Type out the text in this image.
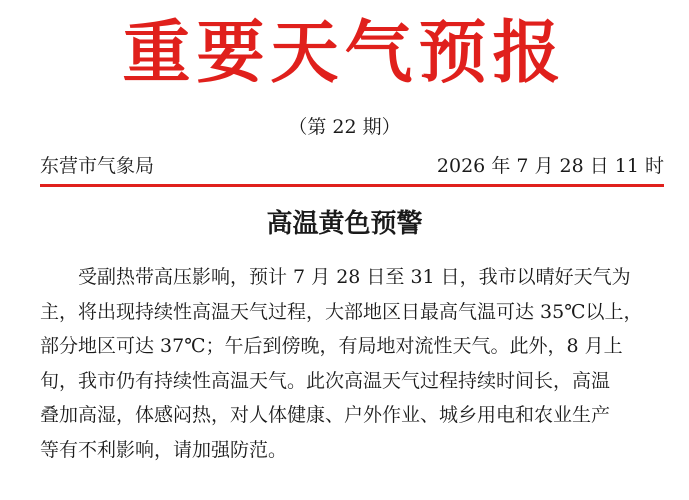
重要天气预报
（第 22 期）
东营市气象局	2026 年 7 月 28 日 11 时
高温黄色预警
受副热带高压影响，预计 7 月 28 日至 31 日，我市以晴好天气为
主，将出现持续性高温天气过程，大部地区日最高气温可达 35℃以上，
部分地区可达 37℃；午后到傍晚，有局地对流性天气。此外，8 月上
旬，我市仍有持续性高温天气。此次高温天气过程持续时间长，高温
叠加高湿，体感闷热，对人体健康、户外作业、城乡用电和农业生产
等有不利影响，请加强防范。
